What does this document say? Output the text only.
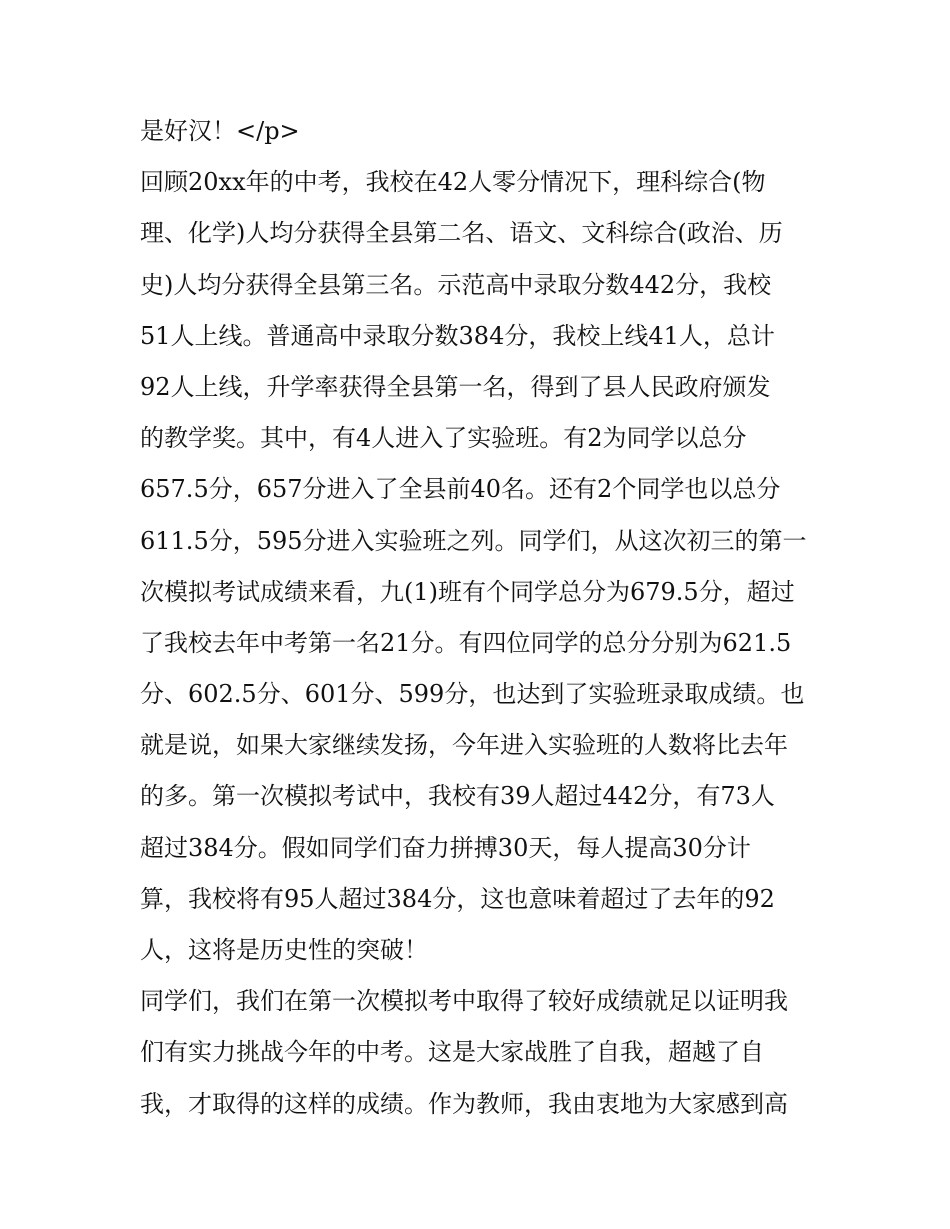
是好汉！</p>
回顾20xx年的中考，我校在42人零分情况下，理科综合(物
理、化学)人均分获得全县第二名、语文、文科综合(政治、历
史)人均分获得全县第三名。示范高中录取分数442分，我校
51人上线。普通高中录取分数384分，我校上线41人，总计
92人上线，升学率获得全县第一名，得到了县人民政府颁发
的教学奖。其中，有4人进入了实验班。有2为同学以总分
657.5分，657分进入了全县前40名。还有2个同学也以总分
611.5分，595分进入实验班之列。同学们，从这次初三的第一
次模拟考试成绩来看，九(1)班有个同学总分为679.5分，超过
了我校去年中考第一名21分。有四位同学的总分分别为621.5
分、602.5分、601分、599分，也达到了实验班录取成绩。也
就是说，如果大家继续发扬，今年进入实验班的人数将比去年
的多。第一次模拟考试中，我校有39人超过442分，有73人
超过384分。假如同学们奋力拼搏30天，每人提高30分计
算，我校将有95人超过384分，这也意味着超过了去年的92
人，这将是历史性的突破！
同学们，我们在第一次模拟考中取得了较好成绩就足以证明我
们有实力挑战今年的中考。这是大家战胜了自我，超越了自
我，才取得的这样的成绩。作为教师，我由衷地为大家感到高
